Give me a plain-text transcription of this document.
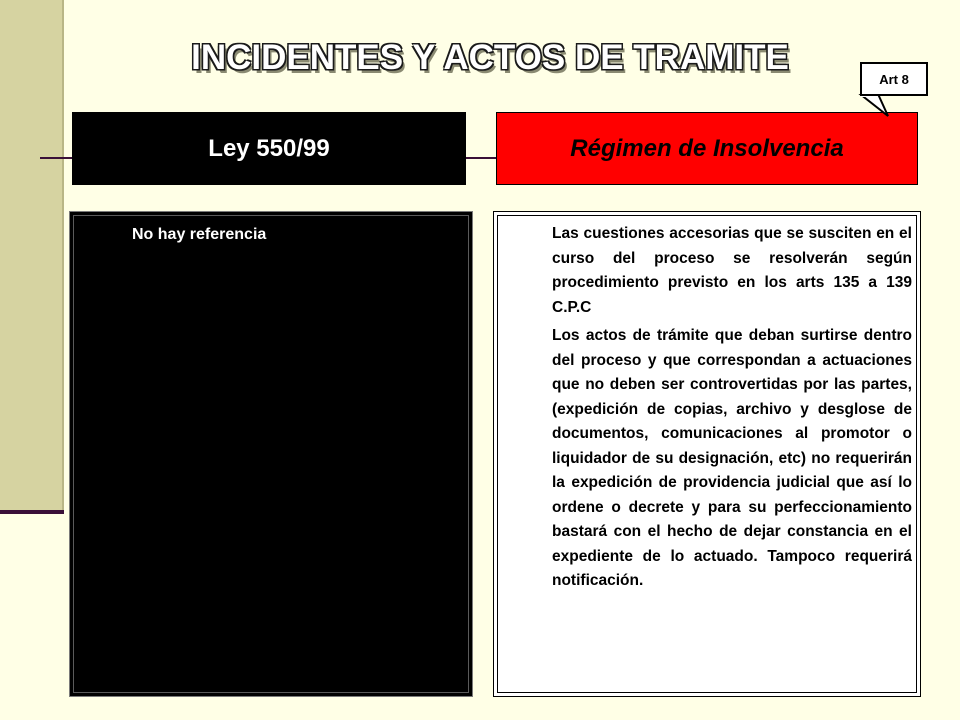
INCIDENTES Y ACTOS DE TRAMITE
Ley 550/99	Régimen de Insolvencia
Art 8
No hay referencia	Las cuestiones accesorias que se susciten en el curso del proceso se resolverán según procedimiento previsto en los arts 135 a 139 C.P.C
Los actos de trámite que deban surtirse dentro del proceso y que correspondan a actuaciones que no deben ser controvertidas por las partes, (expedición de copias, archivo y desglose de documentos, comunicaciones al promotor o liquidador de su designación, etc) no requerirán la expedición de providencia judicial que así lo ordene o decrete y para su perfeccionamiento bastará con el hecho de dejar constancia en el expediente de lo actuado. Tampoco requerirá notificación.
